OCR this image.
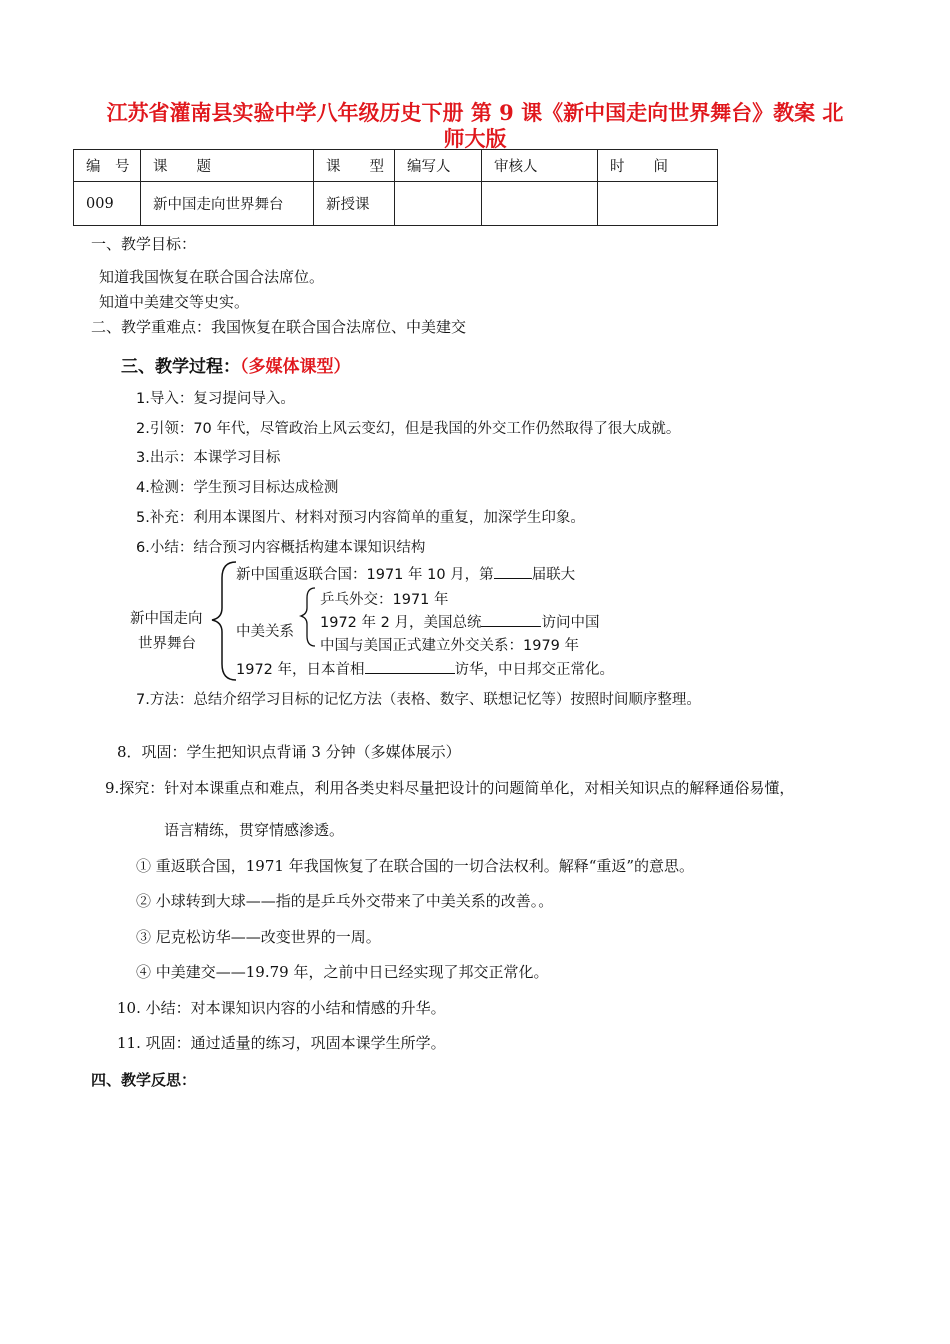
江苏省灌南县实验中学八年级历史下册 第 9 课《新中国走向世界舞台》教案 北
师大版
编　号	课　　题	课　　型	编写人	审核人	时　　间
009	新中国走向世界舞台	新授课			
一、教学目标：
知道我国恢复在联合国合法席位。
知道中美建交等史实。
二、教学重难点：我国恢复在联合国合法席位、中美建交
三、教学过程：（多媒体课型）
1.导入：复习提问导入。
2.引领：70 年代，尽管政治上风云变幻，但是我国的外交工作仍然取得了很大成就。
3.出示：本课学习目标
4.检测：学生预习目标达成检测
5.补充：利用本课图片、材料对预习内容简单的重复，加深学生印象。
6.小结：结合预习内容概括构建本课知识结构
新中国走向
世界舞台
新中国重返联合国：1971 年 10 月，第	届联大
中美关系
乒乓外交：1971 年
1972 年 2 月，美国总统	访问中国
中国与美国正式建立外交关系：1979 年
1972 年，日本首相	访华，中日邦交正常化。
7.方法：总结介绍学习目标的记忆方法（表格、数字、联想记忆等）按照时间顺序整理。
8．巩固：学生把知识点背诵 3 分钟（多媒体展示）
9.探究：针对本课重点和难点，利用各类史料尽量把设计的问题简单化，对相关知识点的解释通俗易懂，
语言精练，贯穿情感渗透。
① 重返联合国，1971 年我国恢复了在联合国的一切合法权利。解释“重返”的意思。
② 小球转到大球——指的是乒乓外交带来了中美关系的改善。。
③ 尼克松访华——改变世界的一周。
④ 中美建交——19.79 年，之前中日已经实现了邦交正常化。
10. 小结：对本课知识内容的小结和情感的升华。
11. 巩固：通过适量的练习，巩固本课学生所学。
四、教学反思：
